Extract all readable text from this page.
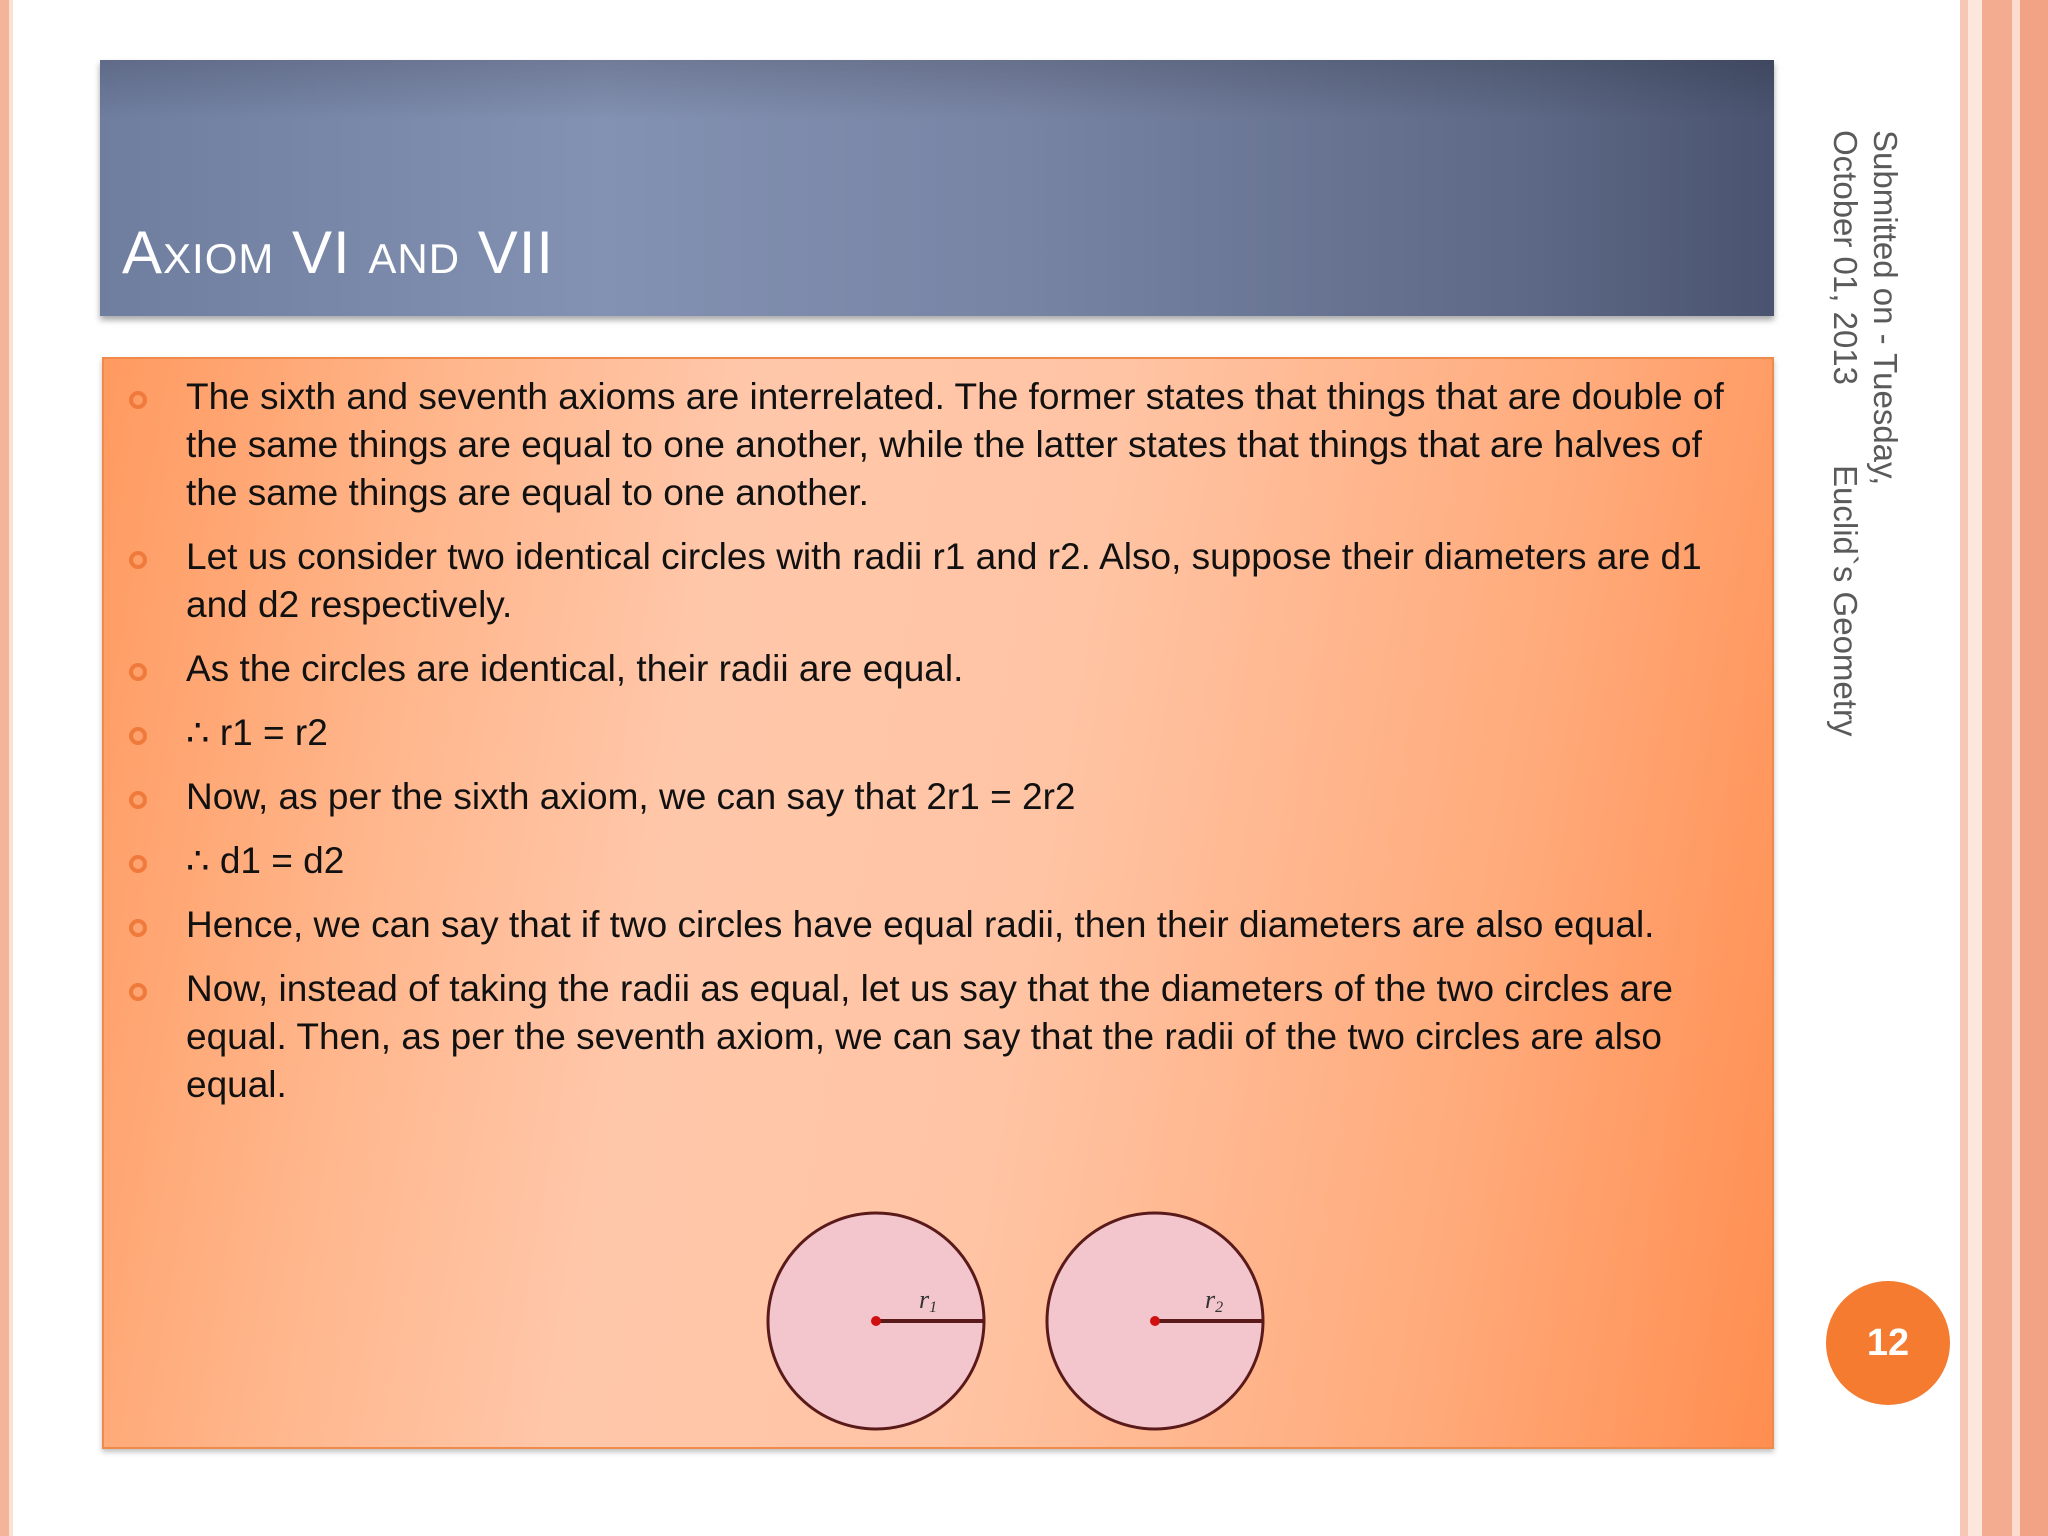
Axiom VI and VII
The sixth and seventh axioms are interrelated. The former states that things that are double of the same things are equal to one another, while the latter states that things that are halves of the same things are equal to one another.
Let us consider two identical circles with radii r1 and r2. Also, suppose their diameters are d1 and d2 respectively.
As the circles are identical, their radii are equal.
∴ r1 = r2
Now, as per the sixth axiom, we can say that 2r1 = 2r2
∴ d1 = d2
Hence, we can say that if two circles have equal radii, then their diameters are also equal.
Now, instead of taking the radii as equal, let us say that the diameters of the two circles are equal. Then, as per the seventh axiom, we can say that the radii of the two circles are also equal.
r1	r2
Submitted on - Tuesday,
October 01, 2013Euclid`s Geometry
12
